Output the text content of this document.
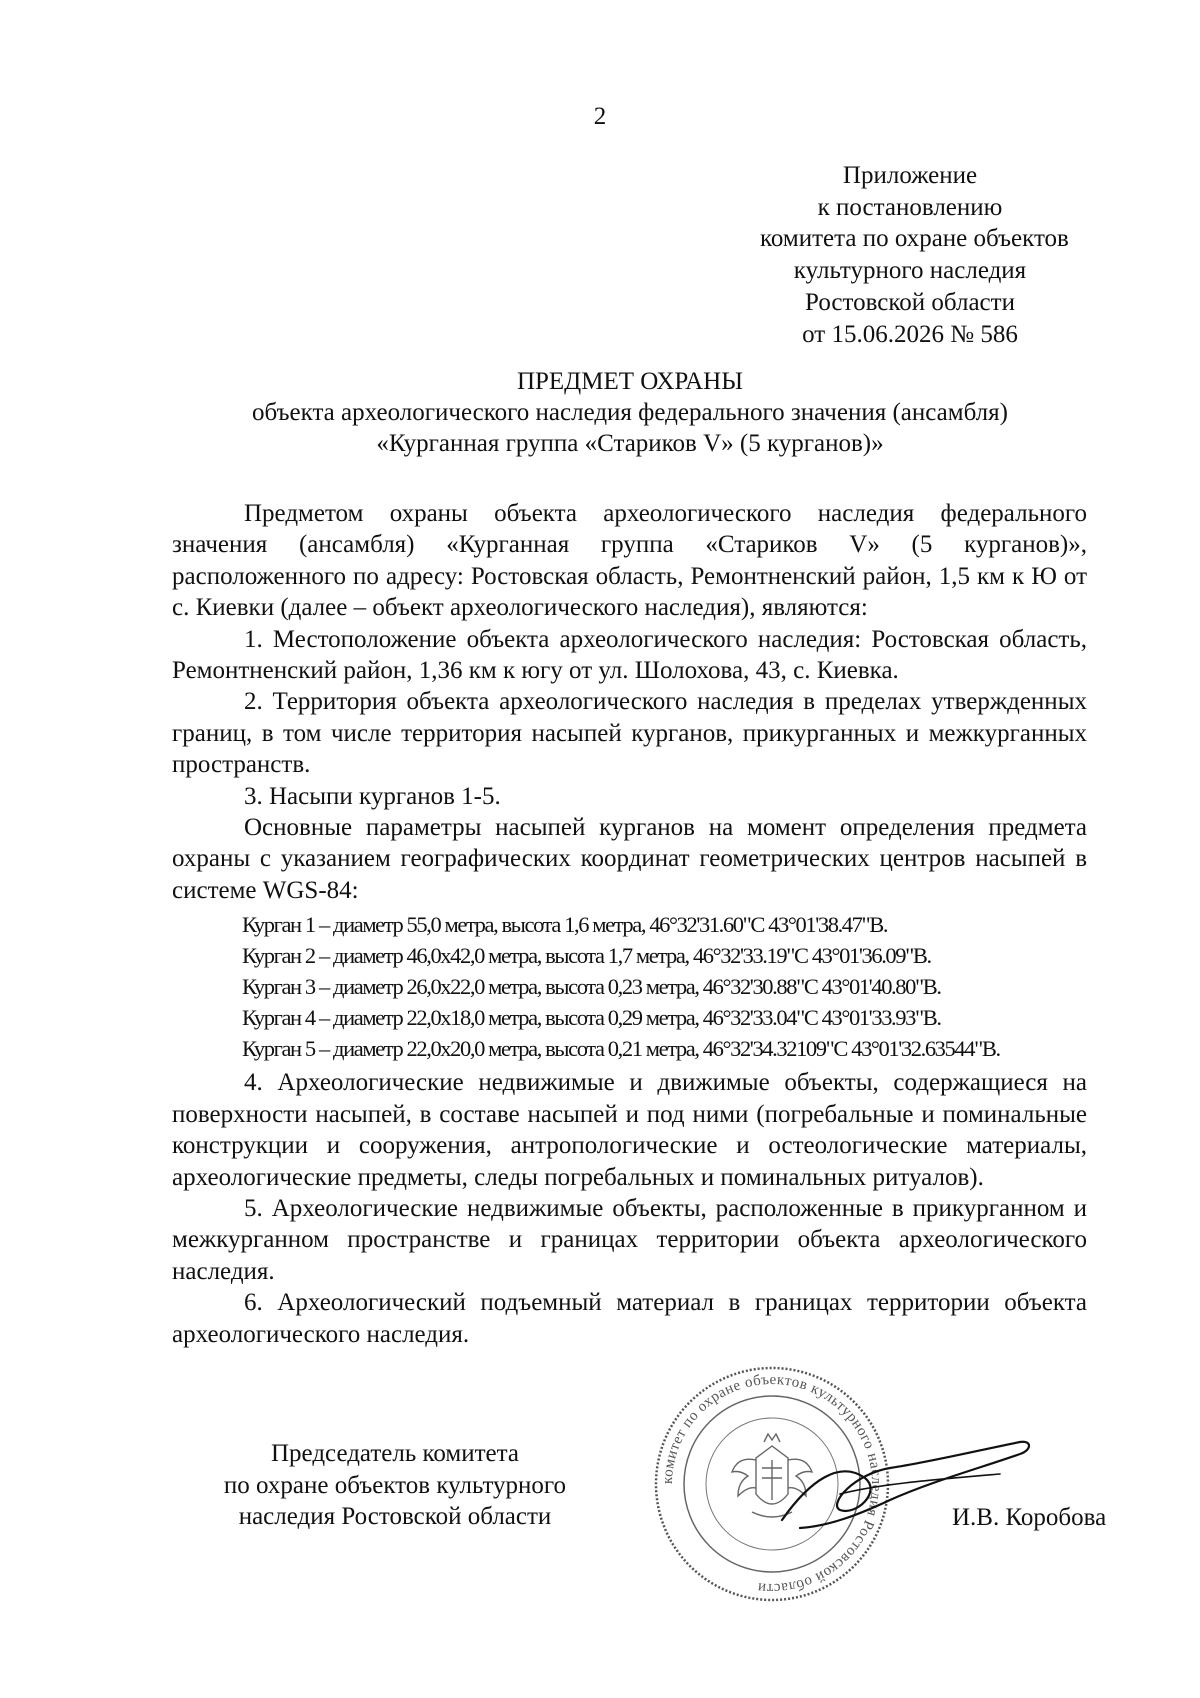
2
Приложение
к постановлению
комитета по охране объектов
культурного наследия
Ростовской области
от 15.06.2026 № 586
ПРЕДМЕТ ОХРАНЫ
объекта археологического наследия федерального значения (ансамбля)
«Курганная группа «Стариков V» (5 курганов)»

Предметом охраны объекта археологического наследия федерального значения (ансамбля) «Курганная группа «Стариков V» (5 курганов)», расположенного по адресу: Ростовская область, Ремонтненский район, 1,5 км к Ю от с. Киевки (далее – объект археологического наследия), являются:

1. Местоположение объекта археологического наследия: Ростовская область, Ремонтненский район, 1,36 км к югу от ул. Шолохова, 43, с. Киевка.

2. Территория объекта археологического наследия в пределах утвержденных границ, в том числе территория насыпей курганов, прикурганных и межкурганных пространств.

3. Насыпи курганов 1-5.

Основные параметры насыпей курганов на момент определения предмета охраны с указанием географических координат геометрических центров насыпей в системе WGS-84:

Курган 1 – диаметр 55,0 метра, высота 1,6 метра, 46°32'31.60"С 43°01'38.47"В.
Курган 2 – диаметр 46,0х42,0 метра, высота 1,7 метра, 46°32'33.19"С 43°01'36.09"В.
Курган 3 – диаметр 26,0х22,0 метра, высота 0,23 метра, 46°32'30.88"С 43°01'40.80"В.
Курган 4 – диаметр 22,0х18,0 метра, высота 0,29 метра, 46°32'33.04"С 43°01'33.93"В.
Курган 5 – диаметр 22,0х20,0 метра, высота 0,21 метра, 46°32'34.32109"С 43°01'32.63544"В.

4. Археологические недвижимые и движимые объекты, содержащиеся на поверхности насыпей, в составе насыпей и под ними (погребальные и поминальные конструкции и сооружения, антропологические и остеологические материалы, археологические предметы, следы погребальных и поминальных ритуалов).

5. Археологические недвижимые объекты, расположенные в прикурганном и межкурганном пространстве и границах территории объекта археологического наследия.

6. Археологический подъемный материал в границах территории объекта археологического наследия.

комитет по охране объектов культурного наследия Ростовской области
Председатель комитета
по охране объектов культурного
наследия Ростовской области	И.В. Коробова
